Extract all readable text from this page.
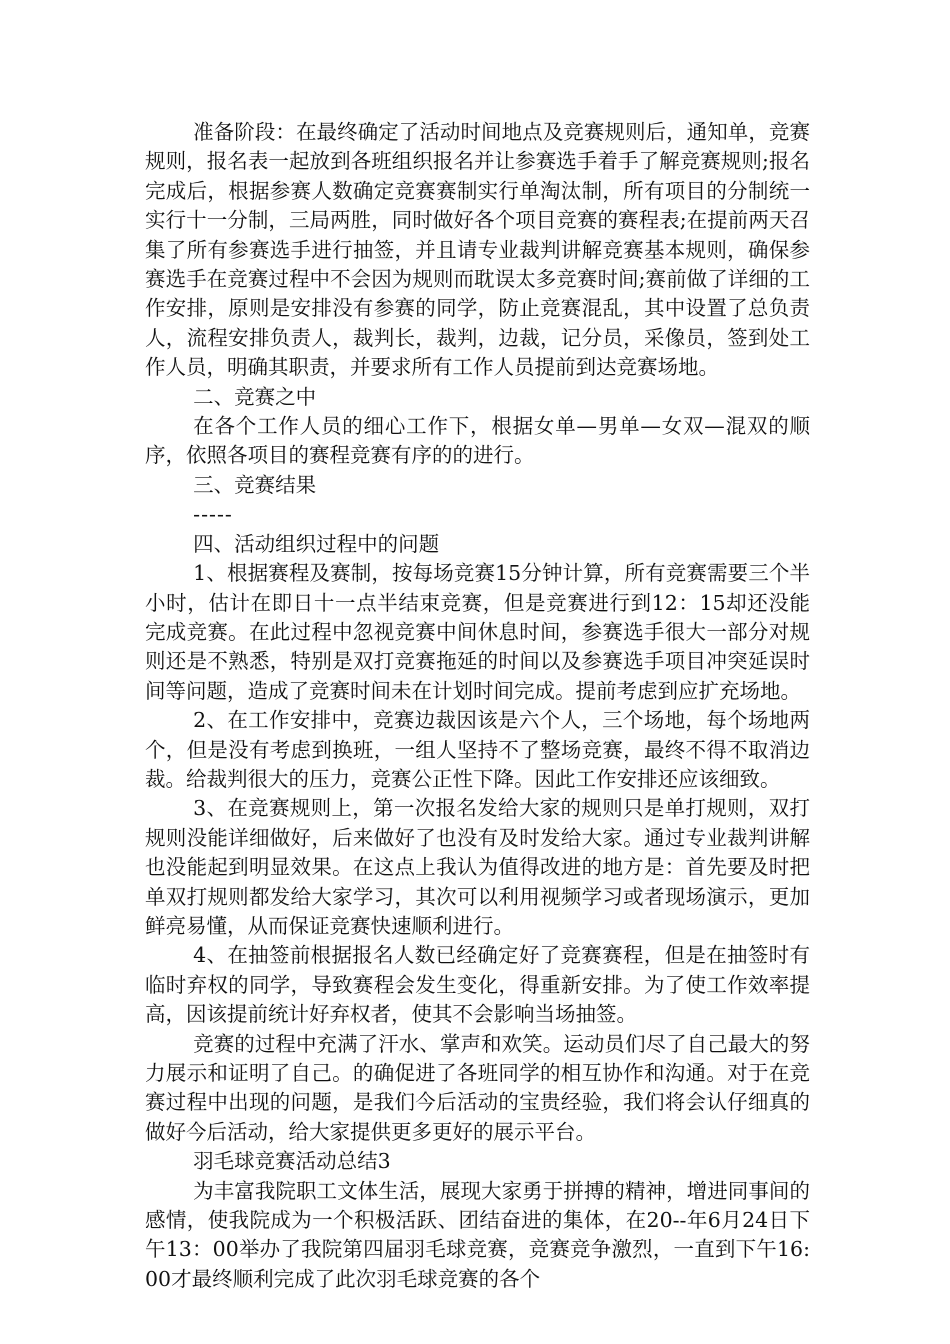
准备阶段：在最终确定了活动时间地点及竞赛规则后，通知单，竞赛规则，报名表一起放到各班组织报名并让参赛选手着手了解竞赛规则;报名完成后，根据参赛人数确定竞赛赛制实行单淘汰制，所有项目的分制统一实行十一分制，三局两胜，同时做好各个项目竞赛的赛程表;在提前两天召集了所有参赛选手进行抽签，并且请专业裁判讲解竞赛基本规则，确保参赛选手在竞赛过程中不会因为规则而耽误太多竞赛时间;赛前做了详细的工作安排，原则是安排没有参赛的同学，防止竞赛混乱，其中设置了总负责人，流程安排负责人，裁判长，裁判，边裁，记分员，采像员，签到处工作人员，明确其职责，并要求所有工作人员提前到达竞赛场地。

二、竞赛之中

在各个工作人员的细心工作下，根据女单—男单—女双—混双的顺序，依照各项目的赛程竞赛有序的的进行。

三、竞赛结果

-----

四、活动组织过程中的问题

1、根据赛程及赛制，按每场竞赛15分钟计算，所有竞赛需要三个半小时，估计在即日十一点半结束竞赛，但是竞赛进行到12：15却还没能完成竞赛。在此过程中忽视竞赛中间休息时间，参赛选手很大一部分对规则还是不熟悉，特别是双打竞赛拖延的时间以及参赛选手项目冲突延误时间等问题，造成了竞赛时间未在计划时间完成。提前考虑到应扩充场地。

2、在工作安排中，竞赛边裁因该是六个人，三个场地，每个场地两个，但是没有考虑到换班，一组人坚持不了整场竞赛，最终不得不取消边裁。给裁判很大的压力，竞赛公正性下降。因此工作安排还应该细致。

3、在竞赛规则上，第一次报名发给大家的规则只是单打规则，双打规则没能详细做好，后来做好了也没有及时发给大家。通过专业裁判讲解也没能起到明显效果。在这点上我认为值得改进的地方是：首先要及时把单双打规则都发给大家学习，其次可以利用视频学习或者现场演示，更加鲜亮易懂，从而保证竞赛快速顺利进行。

4、在抽签前根据报名人数已经确定好了竞赛赛程，但是在抽签时有临时弃权的同学，导致赛程会发生变化，得重新安排。为了使工作效率提高，因该提前统计好弃权者，使其不会影响当场抽签。

竞赛的过程中充满了汗水、掌声和欢笑。运动员们尽了自己最大的努力展示和证明了自己。的确促进了各班同学的相互协作和沟通。对于在竞赛过程中出现的问题，是我们今后活动的宝贵经验，我们将会认仔细真的做好今后活动，给大家提供更多更好的展示平台。

羽毛球竞赛活动总结3

为丰富我院职工文体生活，展现大家勇于拼搏的精神，增进同事间的感情，使我院成为一个积极活跃、团结奋进的集体，在20--年6月24日下午13：00举办了我院第四届羽毛球竞赛，竞赛竞争激烈，一直到下午16:00才最终顺利完成了此次羽毛球竞赛的各个
